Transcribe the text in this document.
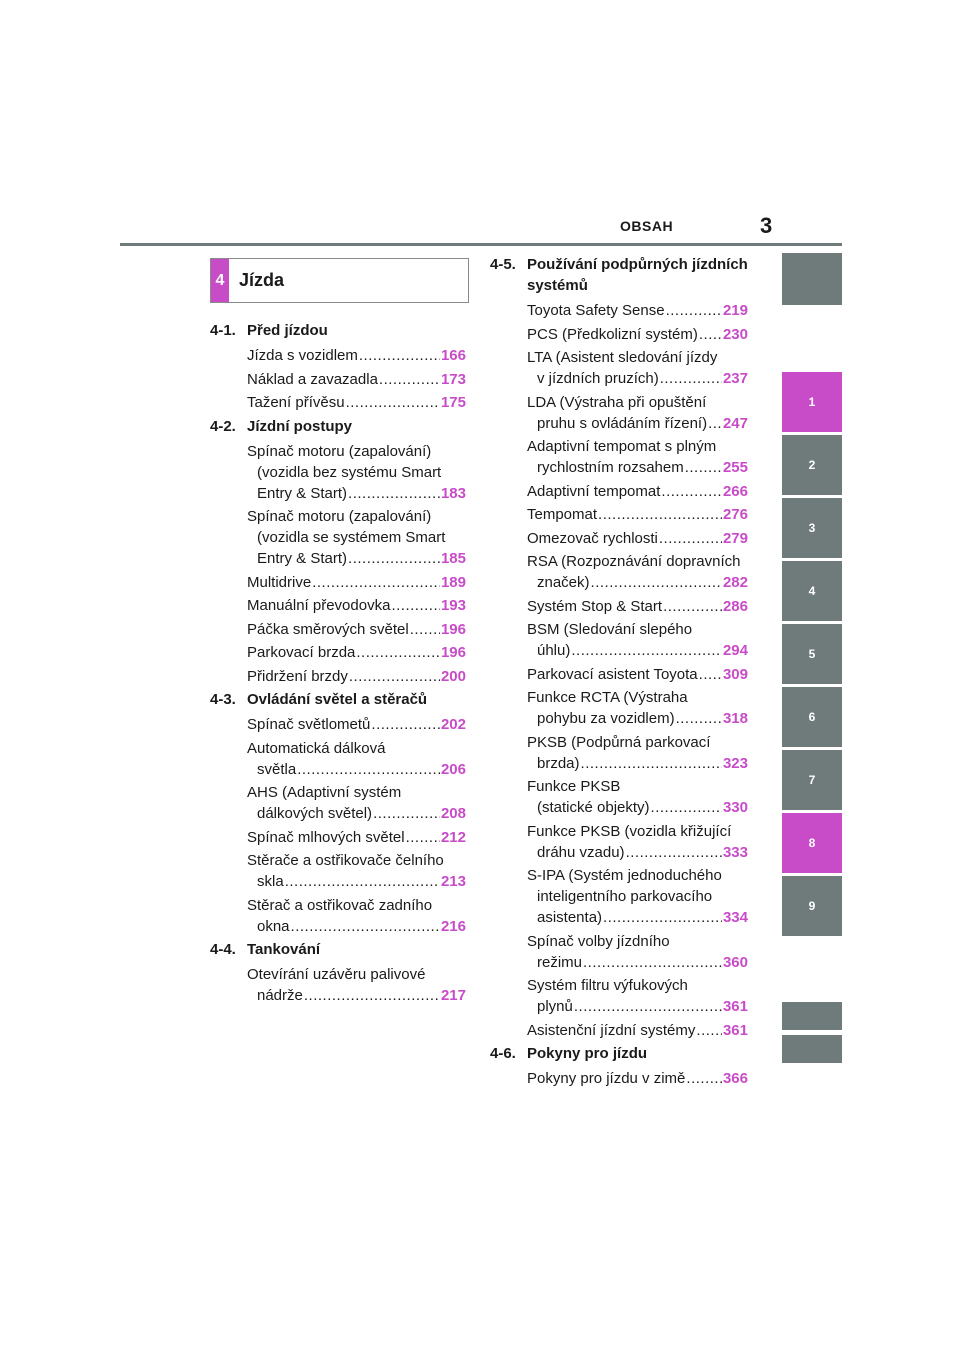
OBSAH	3
4 Jízda
4-1. Před jízdou
Jízda s vozidlem .....	166
Náklad a zavazadla .....	173
Tažení přívěsu .....	175
4-2. Jízdní postupy
Spínač motoru (zapalování)
(vozidla bez systému Smart
Entry & Start) .....	183
Spínač motoru (zapalování)
(vozidla se systémem Smart
Entry & Start) .....	185
Multidrive .....	189
Manuální převodovka .....	193
Páčka směrových světel ..... 196
Parkovací brzda .....	196
Přidržení brzdy .....	200
4-3. Ovládání světel a stěračů
Spínač světlometů .....	202
Automatická dálková
světla .....	206
AHS (Adaptivní systém
dálkových světel) .....	208
Spínač mlhových světel ..... 212
Stěrače a ostřikovače čelního
skla .....	213
Stěrač a ostřikovač zadního
okna .....	216
4-4. Tankování
Otevírání uzávěru palivové
nádrže .....	217
4-5. Používání podpůrných jízdních systémů
Toyota Safety Sense .....	219
PCS (Předkolizní systém) ..... 230
LTA (Asistent sledování jízdy
v jízdních pruzích) .....	237
LDA (Výstraha při opuštění
pruhu s ovládáním řízení) ..... 247
Adaptivní tempomat s plným
rychlostním rozsahem .....	255
Adaptivní tempomat .....	266
Tempomat .....	276
Omezovač rychlosti .....	279
RSA (Rozpoznávání dopravních
značek) .....	282
Systém Stop & Start .....	286
BSM (Sledování slepého
úhlu) .....	294
Parkovací asistent Toyota ..... 309
Funkce RCTA (Výstraha
pohybu za vozidlem) .....	318
PKSB (Podpůrná parkovací
brzda) .....	323
Funkce PKSB
(statické objekty) .....	330
Funkce PKSB (vozidla křižující
dráhu vzadu) .....	333
S-IPA (Systém jednoduchého
inteligentního parkovacího
asistenta) .....	334
Spínač volby jízdního
režimu .....	360
Systém filtru výfukových
plynů .....	361
Asistenční jízdní systémy ..... 361
4-6. Pokyny pro jízdu
Pokyny pro jízdu v zimě .....	366
1
2
3
4
5
6
7
8
9
